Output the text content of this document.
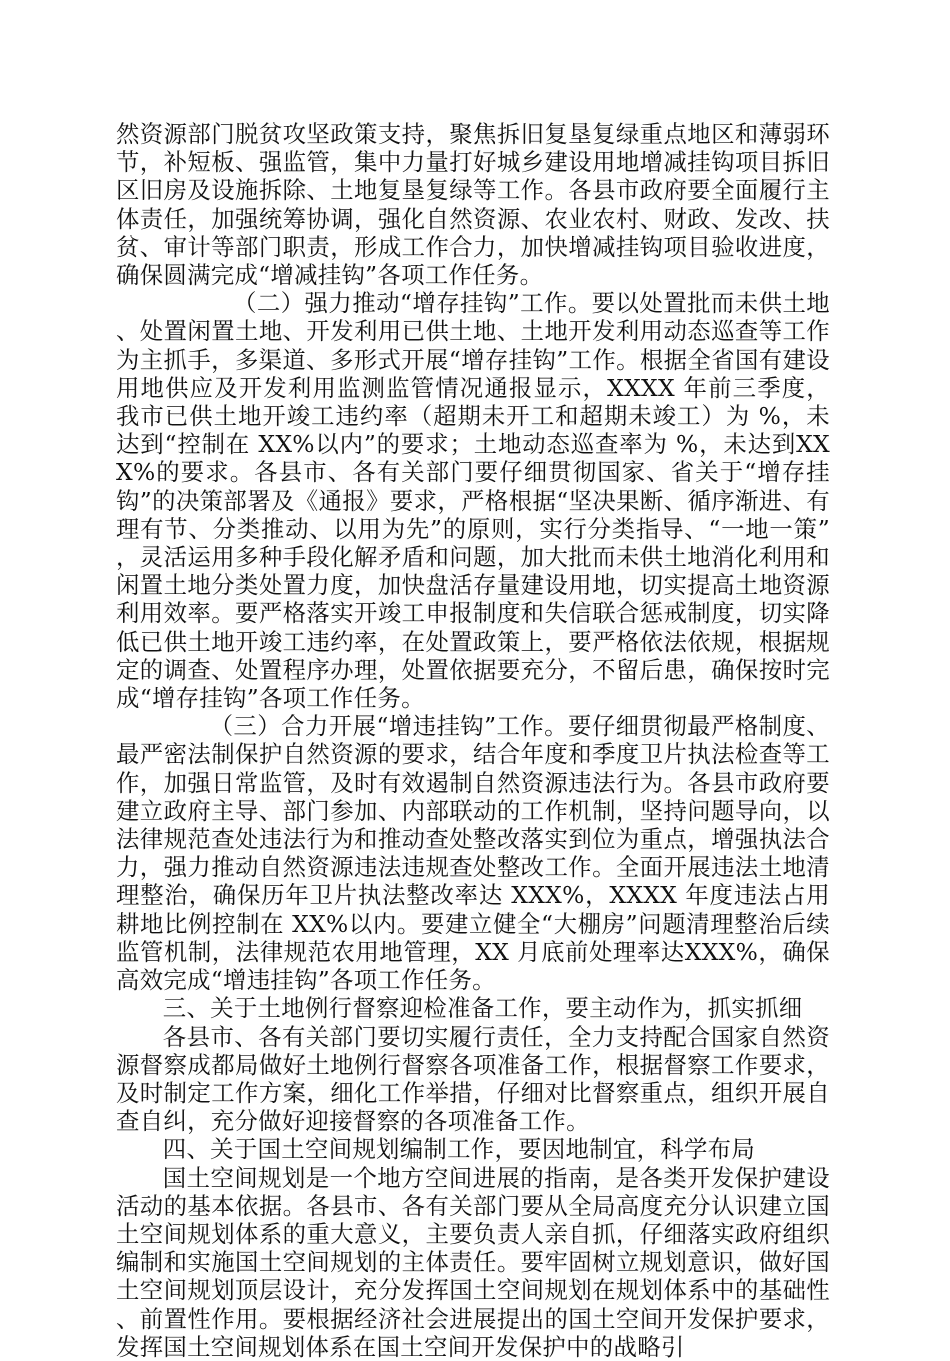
然资源部门脱贫攻坚政策支持，聚焦拆旧复垦复绿重点地区和薄弱环节，补短板、强监管，集中力量打好城乡建设用地增减挂钩项目拆旧区旧房及设施拆除、土地复垦复绿等工作。各县市政府要全面履行主体责任，加强统筹协调，强化自然资源、农业农村、财政、发改、扶贫、审计等部门职责，形成工作合力，加快增减挂钩项目验收进度，确保圆满完成“增减挂钩”各项工作任务。

（二）强力推动“增存挂钩”工作。要以处置批而未供土地、处置闲置土地、开发利用已供土地、土地开发利用动态巡查等工作为主抓手，多渠道、多形式开展“增存挂钩”工作。根据全省国有建设用地供应及开发利用监测监管情况通报显示，XXXX 年前三季度，我市已供土地开竣工违约率（超期未开工和超期未竣工）为 %，未达到“控制在 XX%以内”的要求；土地动态巡查率为 %，未达到XXX%的要求。各县市、各有关部门要仔细贯彻国家、省关于“增存挂钩”的决策部署及《通报》要求，严格根据“坚决果断、循序渐进、有理有节、分类推动、以用为先”的原则，实行分类指导、“一地一策”，灵活运用多种手段化解矛盾和问题，加大批而未供土地消化利用和闲置土地分类处置力度，加快盘活存量建设用地，切实提高土地资源利用效率。要严格落实开竣工申报制度和失信联合惩戒制度，切实降低已供土地开竣工违约率，在处置政策上，要严格依法依规，根据规定的调查、处置程序办理，处置依据要充分，不留后患，确保按时完成“增存挂钩”各项工作任务。

（三）合力开展“增违挂钩”工作。要仔细贯彻最严格制度、最严密法制保护自然资源的要求，结合年度和季度卫片执法检查等工作，加强日常监管，及时有效遏制自然资源违法行为。各县市政府要建立政府主导、部门参加、内部联动的工作机制，坚持问题导向，以法律规范查处违法行为和推动查处整改落实到位为重点，增强执法合力，强力推动自然资源违法违规查处整改工作。全面开展违法土地清理整治，确保历年卫片执法整改率达 XXX%，XXXX 年度违法占用耕地比例控制在 XX%以内。要建立健全“大棚房”问题清理整治后续监管机制，法律规范农用地管理，XX 月底前处理率达XXX%，确保高效完成“增违挂钩”各项工作任务。

三、关于土地例行督察迎检准备工作，要主动作为，抓实抓细

各县市、各有关部门要切实履行责任，全力支持配合国家自然资源督察成都局做好土地例行督察各项准备工作，根据督察工作要求，及时制定工作方案，细化工作举措，仔细对比督察重点，组织开展自查自纠，充分做好迎接督察的各项准备工作。

四、关于国土空间规划编制工作，要因地制宜，科学布局

国土空间规划是一个地方空间进展的指南，是各类开发保护建设活动的基本依据。各县市、各有关部门要从全局高度充分认识建立国土空间规划体系的重大意义，主要负责人亲自抓，仔细落实政府组织编制和实施国土空间规划的主体责任。要牢固树立规划意识，做好国土空间规划顶层设计，充分发挥国土空间规划在规划体系中的基础性、前置性作用。要根据经济社会进展提出的国土空间开发保护要求，发挥国土空间规划体系在国土空间开发保护中的战略引
